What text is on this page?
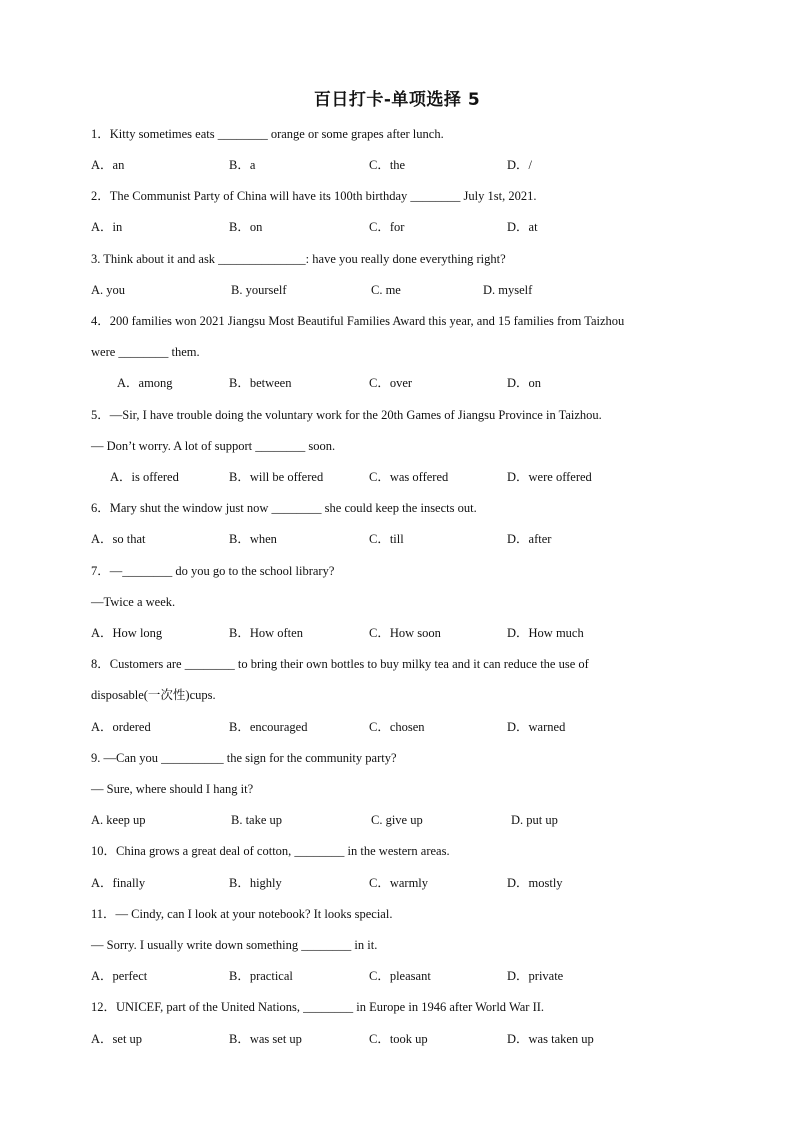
百日打卡-单项选择 5
1．Kitty sometimes eats ________ orange or some grapes after lunch.
A．an	B．a	C．the	D．/
2．The Communist Party of China will have its 100th birthday ________ July 1st, 2021.
A．in	B．on	C．for	D．at
3. Think about it and ask ______________: have you really done everything right?
A. you	B. yourself	C. me	D. myself
4．200 families won 2021 Jiangsu Most Beautiful Families Award this year, and 15 families from Taizhou
were ________ them.
A．among	B．between	C．over	D．on
5．—Sir, I have trouble doing the voluntary work for the 20th Games of Jiangsu Province in Taizhou.
— Don’t worry. A lot of support ________ soon.
A．is offered	B．will be offered	C．was offered	D．were offered
6．Mary shut the window just now ________ she could keep the insects out.
A．so that	B．when	C．till	D．after
7．—________ do you go to the school library?
—Twice a week.
A．How long	B．How often	C．How soon	D．How much
8．Customers are ________ to bring their own bottles to buy milky tea and it can reduce the use of
disposable(一次性)cups.
A．ordered	B．encouraged	C．chosen	D．warned
9. —Can you __________ the sign for the community party?
— Sure, where should I hang it?
A. keep up	B. take up	C. give up	D. put up
10．China grows a great deal of cotton, ________ in the western areas.
A．finally	B．highly	C．warmly	D．mostly
11．— Cindy, can I look at your notebook? It looks special.
— Sorry. I usually write down something ________ in it.
A．perfect	B．practical	C．pleasant	D．private
12．UNICEF, part of the United Nations, ________ in Europe in 1946 after World War II.
A．set up	B．was set up	C．took up	D．was taken up
